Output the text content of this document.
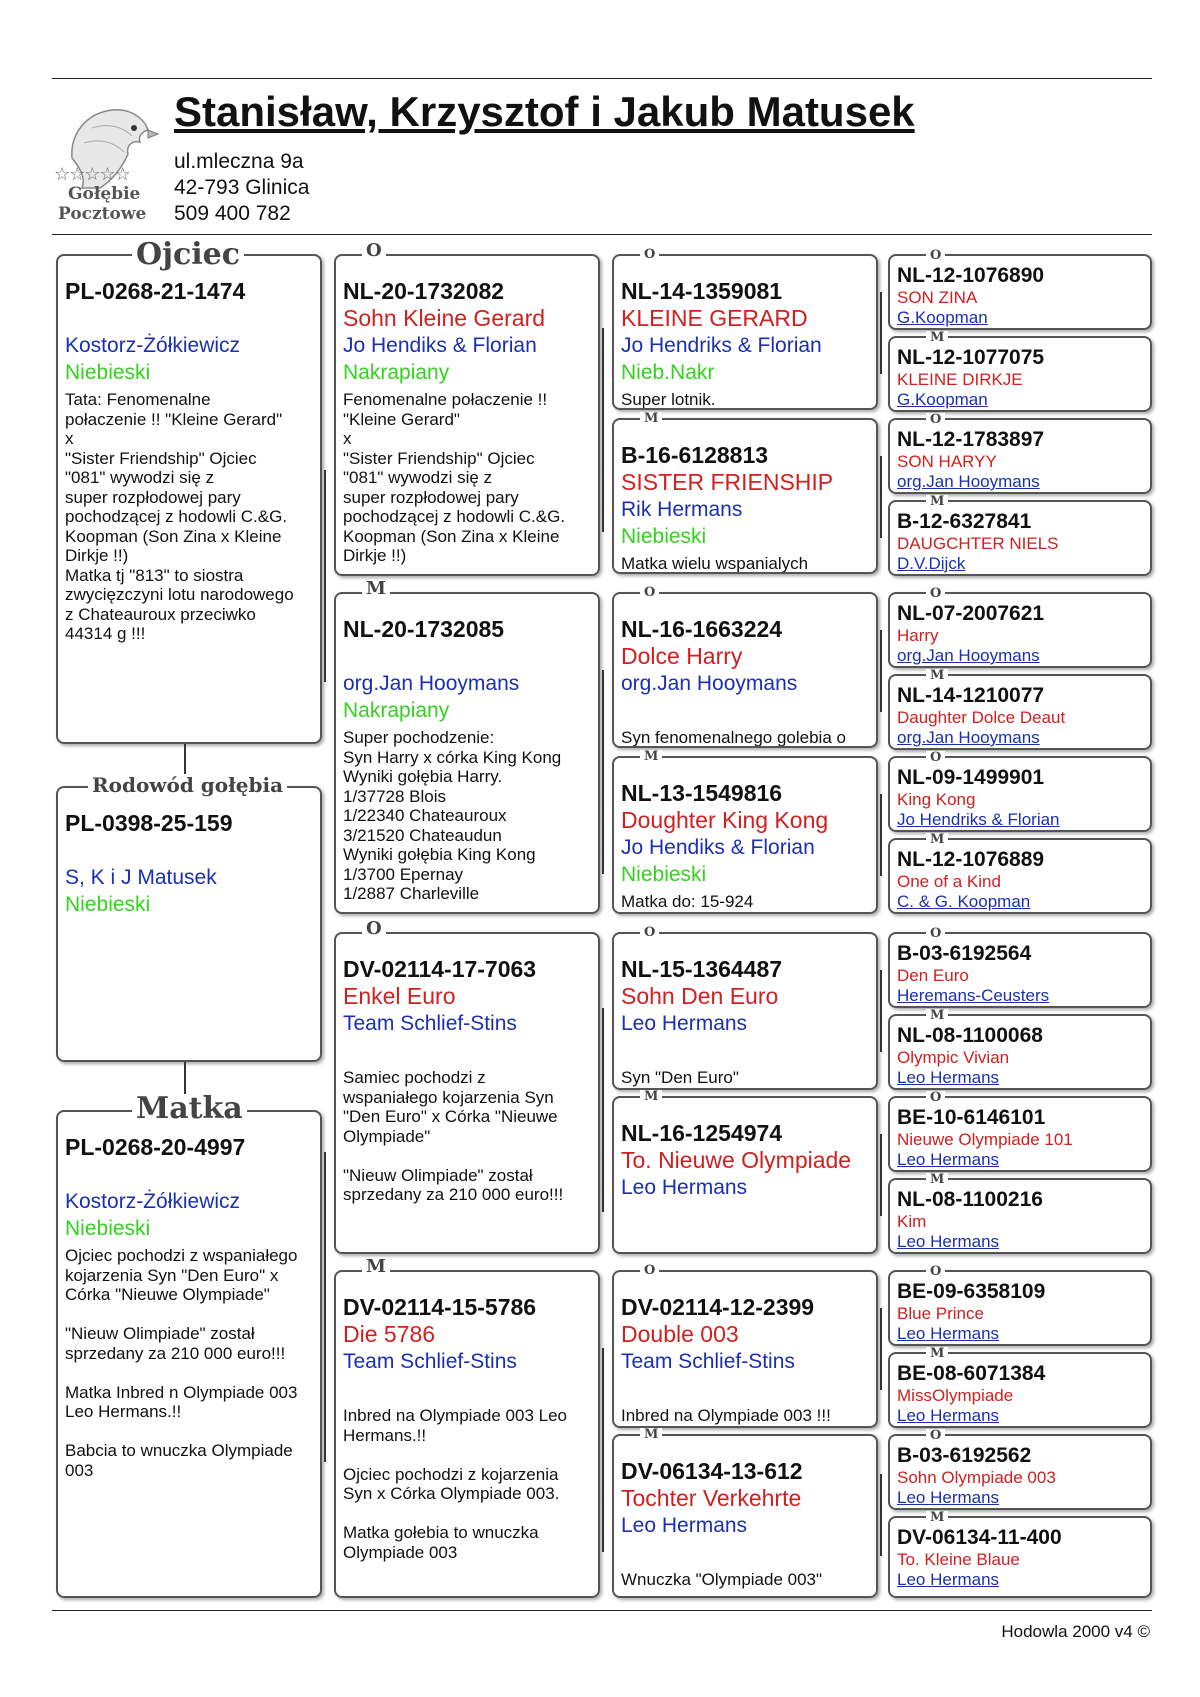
☆☆☆☆☆
Gołębie
Pocztowe
Stanisław, Krzysztof i Jakub Matusek
ul.mleczna 9a
42-793 Glinica
509 400 782
PL-0268-21-1474
Kostorz-Żółkiewicz
Niebieski
Tata: Fenomenalne
połaczenie !! "Kleine Gerard"
x
"Sister Friendship" Ojciec
"081" wywodzi się z
super rozpłodowej pary
pochodzącej z hodowli C.&G.
Koopman (Son Zina x Kleine
Dirkje !!)
Matka tj "813" to siostra
zwycięzczyni lotu narodowego
z Chateauroux przeciwko
44314 g !!!
Ojciec
PL-0398-25-159
S, K i J Matusek
Niebieski
Rodowód gołębia
PL-0268-20-4997
Kostorz-Żółkiewicz
Niebieski
Ojciec pochodzi z wspaniałego
kojarzenia Syn "Den Euro" x
Córka "Nieuwe Olympiade"

"Nieuw Olimpiade" został
sprzedany za 210 000 euro!!!

Matka Inbred n Olympiade 003
Leo Hermans.!!

Babcia to wnuczka Olympiade
003
Matka
NL-20-1732082
Sohn Kleine Gerard
Jo Hendiks & Florian
Nakrapiany
Fenomenalne połaczenie !!
"Kleine Gerard"
x
"Sister Friendship" Ojciec
"081" wywodzi się z
super rozpłodowej pary
pochodzącej z hodowli C.&G.
Koopman (Son Zina x Kleine
Dirkje !!)
O
NL-20-1732085
org.Jan Hooymans
Nakrapiany
Super pochodzenie:
Syn Harry x córka King Kong
Wyniki gołębia Harry.
1/37728 Blois
1/22340 Chateauroux
3/21520 Chateaudun
Wyniki gołębia King Kong
1/3700 Epernay
1/2887 Charleville
M
DV-02114-17-7063
Enkel Euro
Team Schlief-Stins
Samiec pochodzi z
wspaniałego kojarzenia Syn
"Den Euro" x Córka "Nieuwe
Olympiade"

"Nieuw Olimpiade" został
sprzedany za 210 000 euro!!!
O
DV-02114-15-5786
Die 5786
Team Schlief-Stins
Inbred na Olympiade 003 Leo
Hermans.!!

Ojciec pochodzi z kojarzenia
Syn x Córka Olympiade 003.

Matka gołebia to wnuczka
Olympiade 003
M
NL-14-1359081
KLEINE GERARD
Jo Hendriks & Florian
Nieb.Nakr
Super lotnik.
O
B-16-6128813
SISTER FRIENSHIP
Rik Hermans
Niebieski
Matka wielu wspanialych
M
NL-16-1663224
Dolce Harry
org.Jan Hooymans
Syn fenomenalnego golebia o
O
NL-13-1549816
Doughter King Kong
Jo Hendiks & Florian
Niebieski
Matka do: 15-924
M
NL-15-1364487
Sohn Den Euro
Leo Hermans
Syn "Den Euro"
O
NL-16-1254974
To. Nieuwe Olympiade
Leo Hermans
M
DV-02114-12-2399
Double 003
Team Schlief-Stins
Inbred na Olympiade 003 !!!
O
DV-06134-13-612
Tochter Verkehrte
Leo Hermans
Wnuczka "Olympiade 003"
M
NL-12-1076890
SON ZINA
G.Koopman
O
NL-12-1077075
KLEINE DIRKJE
G.Koopman
M
NL-12-1783897
SON HARYY
org.Jan Hooymans
O
B-12-6327841
DAUGCHTER NIELS
D.V.Dijck
M
NL-07-2007621
Harry
org.Jan Hooymans
O
NL-14-1210077
Daughter Dolce Deaut
org.Jan Hooymans
M
NL-09-1499901
King Kong
Jo Hendriks & Florian
O
NL-12-1076889
One of a Kind
C. & G. Koopman
M
B-03-6192564
Den Euro
Heremans-Ceusters
O
NL-08-1100068
Olympic Vivian
Leo Hermans
M
BE-10-6146101
Nieuwe Olympiade 101
Leo Hermans
O
NL-08-1100216
Kim
Leo Hermans
M
BE-09-6358109
Blue Prince
Leo Hermans
O
BE-08-6071384
MissOlympiade
Leo Hermans
M
B-03-6192562
Sohn Olympiade 003
Leo Hermans
O
DV-06134-11-400
To. Kleine Blaue
Leo Hermans
M
Hodowla 2000 v4 ©
